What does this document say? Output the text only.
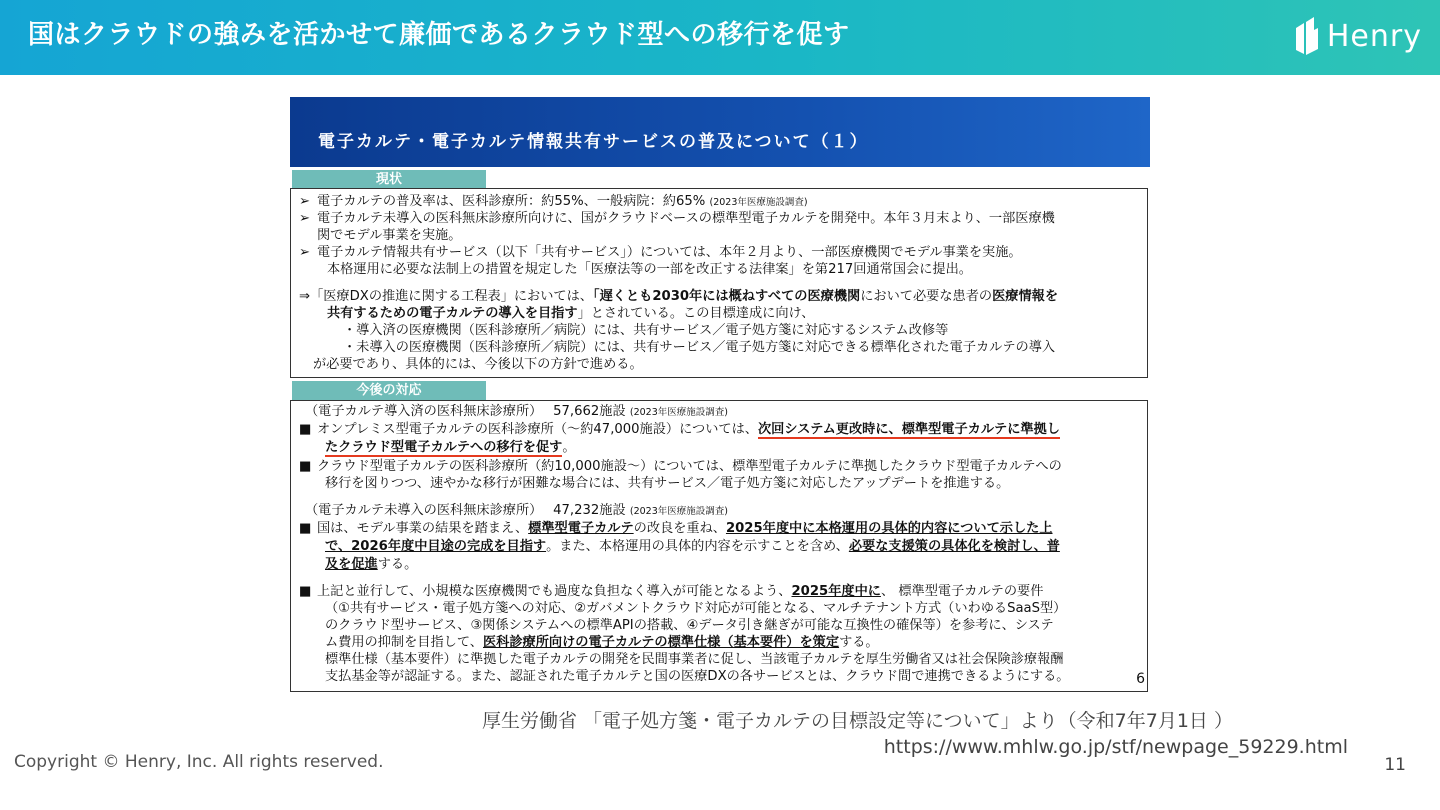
国はクラウドの強みを活かせて廉価であるクラウド型への移行を促す	Henry
電子カルテ・電子カルテ情報共有サービスの普及について（１）
現状
➢ 電子カルテの普及率は、医科診療所：約55%、一般病院：約65% (2023年医療施設調査)
➢ 電子カルテ未導入の医科無床診療所向けに、国がクラウドベースの標準型電子カルテを開発中。本年３月末より、一部医療機
関でモデル事業を実施。
➢ 電子カルテ情報共有サービス（以下「共有サービス」）については、本年２月より、一部医療機関でモデル事業を実施。
本格運用に必要な法制上の措置を規定した「医療法等の一部を改正する法律案」を第217回通常国会に提出。
⇒「医療DXの推進に関する工程表」においては、「遅くとも2030年には概ねすべての医療機関において必要な患者の医療情報を
共有するための電子カルテの導入を目指す」とされている。この目標達成に向け、
・導入済の医療機関（医科診療所／病院）には、共有サービス／電子処方箋に対応するシステム改修等
・未導入の医療機関（医科診療所／病院）には、共有サービス／電子処方箋に対応できる標準化された電子カルテの導入
が必要であり、具体的には、今後以下の方針で進める。
今後の対応
（電子カルテ導入済の医科無床診療所）　 57,662施設 (2023年医療施設調査)
■ オンプレミス型電子カルテの医科診療所（～約47,000施設）については、次回システム更改時に、標準型電子カルテに準拠し
たクラウド型電子カルテへの移行を促す。
■ クラウド型電子カルテの医科診療所（約10,000施設～）については、標準型電子カルテに準拠したクラウド型電子カルテへの
移行を図りつつ、速やかな移行が困難な場合には、共有サービス／電子処方箋に対応したアップデートを推進する。
（電子カルテ未導入の医科無床診療所）　 47,232施設 (2023年医療施設調査)
■ 国は、モデル事業の結果を踏まえ、標準型電子カルテの改良を重ね、2025年度中に本格運用の具体的内容について示した上
で、2026年度中目途の完成を目指す。また、本格運用の具体的内容を示すことを含め、必要な支援策の具体化を検討し、普
及を促進する。
■ 上記と並行して、小規模な医療機関でも過度な負担なく導入が可能となるよう、2025年度中に、 標準型電子カルテの要件
（①共有サービス・電子処方箋への対応、②ガバメントクラウド対応が可能となる、マルチテナント方式（いわゆるSaaS型）
のクラウド型サービス、③関係システムへの標準APIの搭載、④データ引き継ぎが可能な互換性の確保等）を参考に、システ
ム費用の抑制を目指して、医科診療所向けの電子カルテの標準仕様（基本要件）を策定する。
標準仕様（基本要件）に準拠した電子カルテの開発を民間事業者に促し、当該電子カルテを厚生労働省又は社会保険診療報酬
支払基金等が認証する。また、認証された電子カルテと国の医療DXの各サービスとは、クラウド間で連携できるようにする。	6
厚生労働省 「電子処方箋・電子カルテの目標設定等について」より（令和7年7月1日 ）
https://www.mhlw.go.jp/stf/newpage_59229.html
Copyright © Henry, Inc. All rights reserved.	11
